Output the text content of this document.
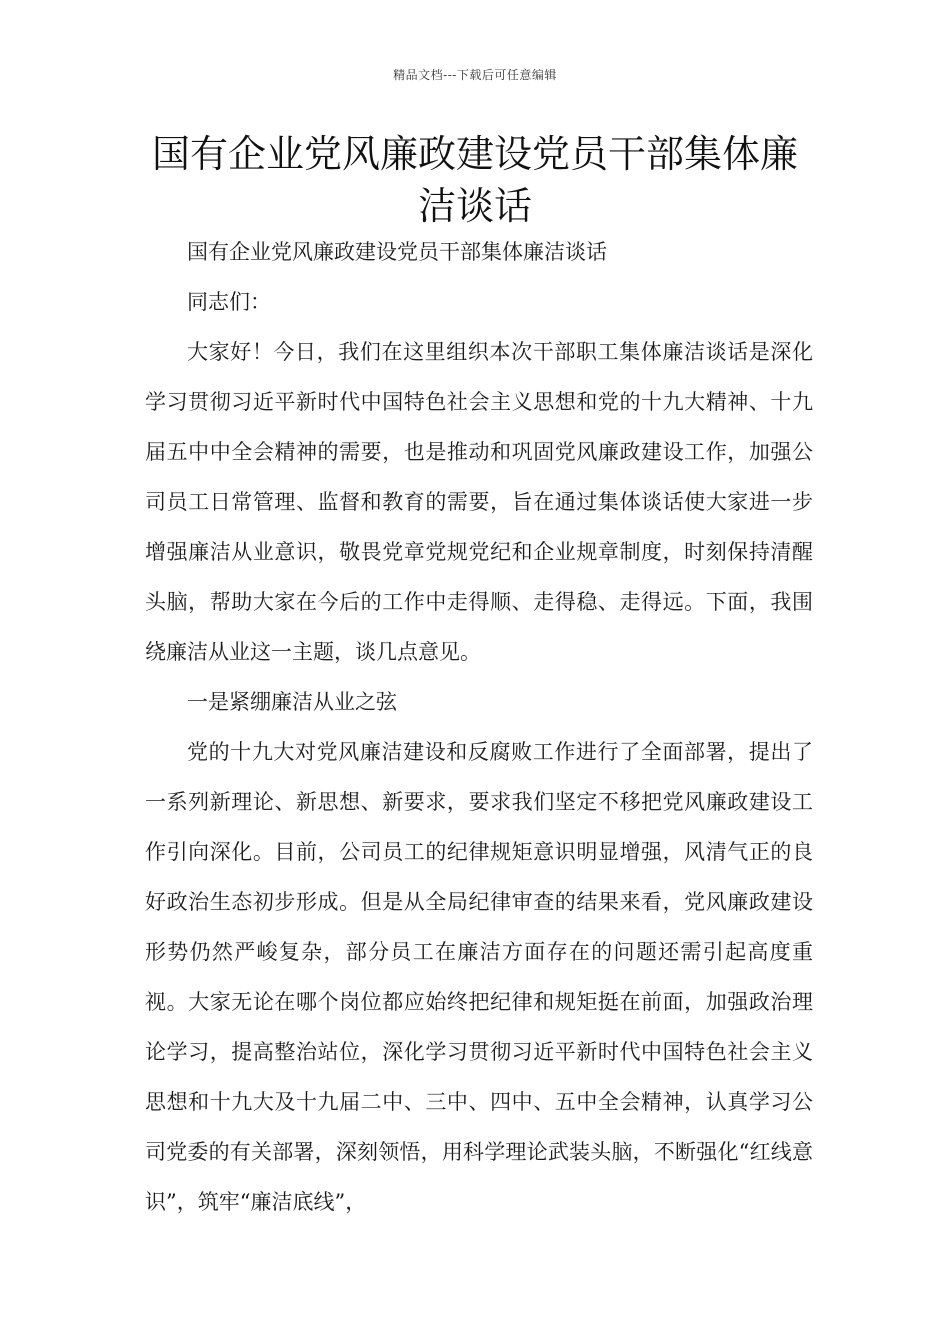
精品文档---下载后可任意编辑
国有企业党风廉政建设党员干部集体廉洁谈话

国有企业党风廉政建设党员干部集体廉洁谈话

同志们：

大家好！今日，我们在这里组织本次干部职工集体廉洁谈话是深化学习贯彻习近平新时代中国特色社会主义思想和党的十九大精神、十九届五中中全会精神的需要，也是推动和巩固党风廉政建设工作，加强公司员工日常管理、监督和教育的需要，旨在通过集体谈话使大家进一步增强廉洁从业意识，敬畏党章党规党纪和企业规章制度，时刻保持清醒头脑，帮助大家在今后的工作中走得顺、走得稳、走得远。下面，我围绕廉洁从业这一主题，谈几点意见。

一是紧绷廉洁从业之弦

党的十九大对党风廉洁建设和反腐败工作进行了全面部署，提出了一系列新理论、新思想、新要求，要求我们坚定不移把党风廉政建设工作引向深化。目前，公司员工的纪律规矩意识明显增强，风清气正的良好政治生态初步形成。但是从全局纪律审查的结果来看，党风廉政建设形势仍然严峻复杂，部分员工在廉洁方面存在的问题还需引起高度重视。大家无论在哪个岗位都应始终把纪律和规矩挺在前面，加强政治理论学习，提高整治站位，深化学习贯彻习近平新时代中国特色社会主义思想和十九大及十九届二中、三中、四中、五中全会精神，认真学习公司党委的有关部署，深刻领悟，用科学理论武装头脑，不断强化“红线意识”，筑牢“廉洁底线”，
